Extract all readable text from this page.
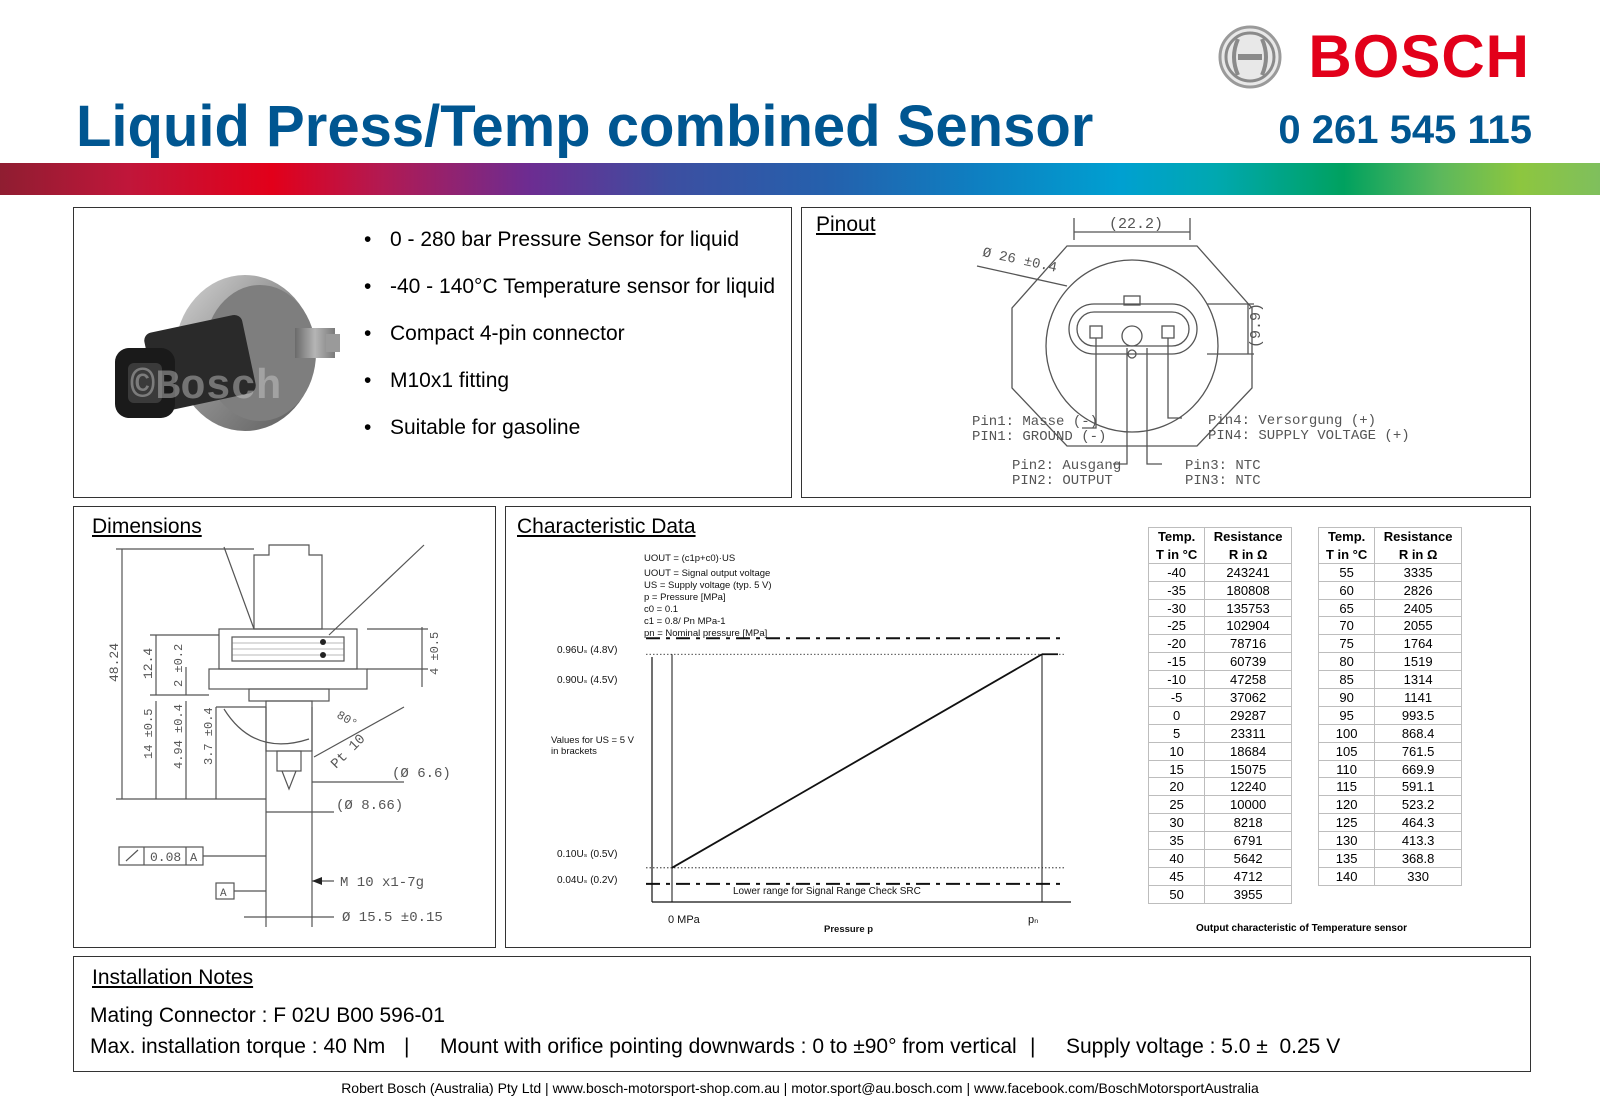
BOSCH
Liquid Press/Temp combined Sensor	0 261 545 115
©Bosch
• 0 - 280 bar Pressure Sensor for liquid
• -40 - 140°C Temperature sensor for liquid
• Compact 4-pin connector
• M10x1 fitting
• Suitable for gasoline
Pinout	(22.2)
Ø 26 ±0.4
(9.9)
Pin1: Masse (-)
PIN1: GROUND (-)
Pin2: Ausgang
PIN2: OUTPUT
Pin3: NTC
PIN3: NTC
Pin4: Versorgung (+)
PIN4: SUPPLY VOLTAGE (+)
Dimensions
48.24 12.4 2 ±0.2
14 ±0.5 4.94 ±0.4 3.7 ±0.4
4 ±0.5
80°
Pt 10
(Ø 6.6)
(Ø 8.66)
0.08 A
M 10 x1-7g
Ø 15.5 ±0.15
A
Characteristic Data
UOUT = (c1p+c0)·US
UOUT = Signal output voltage
US = Supply voltage (typ. 5 V)
p = Pressure [MPa]
c0 = 0.1
c1 = 0.8/ Pn MPa-1
pn = Nominal pressure [MPa]
Values for US = 5 V
in brackets
0.96Uₛ (4.8V)
0.90Uₛ (4.5V)
0.10Uₛ (0.5V)
0.04Uₛ (0.2V)
Lower range for Signal Range Check SRC
0 MPa	pₙ
Pressure p
Temp.	Resistance
T in °C	R in Ω
-40	243241
-35	180808
-30	135753
-25	102904
-20	78716
-15	60739
-10	47258
-5	37062
0	29287
5	23311
10	18684
15	15075
20	12240
25	10000
30	8218
35	6791
40	5642
45	4712
50	3955
Temp.	Resistance
T in °C	R in Ω
55	3335
60	2826
65	2405
70	2055
75	1764
80	1519
85	1314
90	1141
95	993.5
100	868.4
105	761.5
110	669.9
115	591.1
120	523.2
125	464.3
130	413.3
135	368.8
140	330
Output characteristic of Temperature sensor
Installation Notes
Mating Connector : F 02U B00 596-01
Max. installation torque : 40 Nm | Mount with orifice pointing downwards : 0 to ±90° from vertical | Supply voltage : 5.0 ±  0.25 V
Robert Bosch (Australia) Pty Ltd | www.bosch-motorsport-shop.com.au | motor.sport@au.bosch.com | www.facebook.com/BoschMotorsportAustralia
